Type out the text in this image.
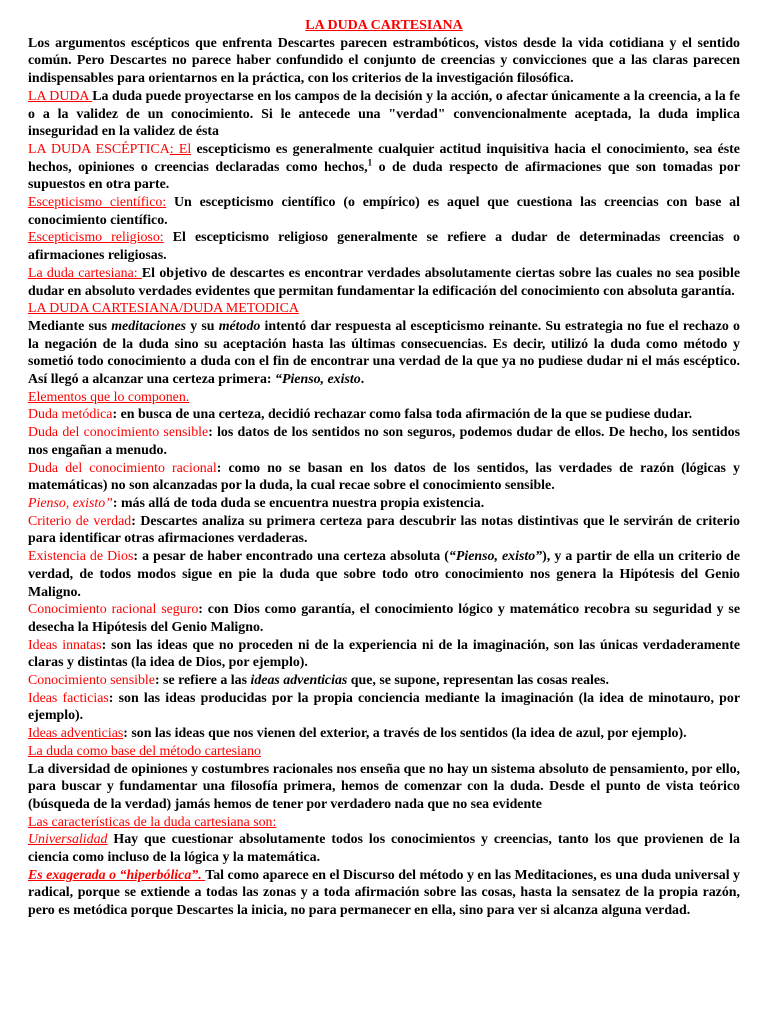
LA DUDA CARTESIANA

Los argumentos escépticos que enfrenta Descartes parecen estrambóticos, vistos desde la vida cotidiana y el sentido común. Pero Descartes no parece haber confundido el conjunto de creencias y convicciones que a las claras parecen indispensables para orientarnos en la práctica, con los criterios de la investigación filosófica.

LA DUDA La duda puede proyectarse en los campos de la decisión y la acción, o afectar únicamente a la creencia, a la fe o a la validez de un conocimiento. Si le antecede una "verdad" convencionalmente aceptada, la duda implica inseguridad en la validez de ésta

LA DUDA ESCÉPTICA: El escepticismo es generalmente cualquier actitud inquisitiva hacia el conocimiento, sea éste hechos, opiniones o creencias declaradas como hechos,$^1$ o de duda respecto de afirmaciones que son tomadas por supuestos en otra parte.

Escepticismo científico: Un escepticismo científico (o empírico) es aquel que cuestiona las creencias con base al conocimiento científico.

Escepticismo religioso: El escepticismo religioso generalmente se refiere a dudar de determinadas creencias o afirmaciones religiosas.

La duda cartesiana: El objetivo de descartes es encontrar verdades absolutamente ciertas sobre las cuales no sea posible dudar en absoluto verdades evidentes que permitan fundamentar la edificación del conocimiento con absoluta garantía.

LA DUDA CARTESIANA/DUDA METODICA

Mediante sus meditaciones y su método intentó dar respuesta al escepticismo reinante. Su estrategia no fue el rechazo o la negación de la duda sino su aceptación hasta las últimas consecuencias. Es decir, utilizó la duda como método y sometió todo conocimiento a duda con el fin de encontrar una verdad de la que ya no pudiese dudar ni el más escéptico. Así llegó a alcanzar una certeza primera: “Pienso, existo.

Elementos que lo componen.

Duda metódica: en busca de una certeza, decidió rechazar como falsa toda afirmación de la que se pudiese dudar.

Duda del conocimiento sensible: los datos de los sentidos no son seguros, podemos dudar de ellos. De hecho, los sentidos nos engañan a menudo.

Duda del conocimiento racional: como no se basan en los datos de los sentidos, las verdades de razón (lógicas y matemáticas) no son alcanzadas por la duda, la cual recae sobre el conocimiento sensible.

Pienso, existo”: más allá de toda duda se encuentra nuestra propia existencia.

Criterio de verdad: Descartes analiza su primera certeza para descubrir las notas distintivas que le servirán de criterio para identificar otras afirmaciones verdaderas.

Existencia de Dios: a pesar de haber encontrado una certeza absoluta (“Pienso, existo”), y a partir de ella un criterio de verdad, de todos modos sigue en pie la duda que sobre todo otro conocimiento nos genera la Hipótesis del Genio Maligno.

Conocimiento racional seguro: con Dios como garantía, el conocimiento lógico y matemático recobra su seguridad y se desecha la Hipótesis del Genio Maligno.

Ideas innatas: son las ideas que no proceden ni de la experiencia ni de la imaginación, son las únicas verdaderamente claras y distintas (la idea de Dios, por ejemplo).

Conocimiento sensible: se refiere a las ideas adventicias que, se supone, representan las cosas reales.

Ideas facticias: son las ideas producidas por la propia conciencia mediante la imaginación (la idea de minotauro, por ejemplo).

Ideas adventicias: son las ideas que nos vienen del exterior, a través de los sentidos (la idea de azul, por ejemplo).

La duda como base del método cartesiano

La diversidad de opiniones y costumbres racionales nos enseña que no hay un sistema absoluto de pensamiento, por ello, para buscar y fundamentar una filosofía primera, hemos de comenzar con la duda. Desde el punto de vista teórico (búsqueda de la verdad) jamás hemos de tener por verdadero nada que no sea evidente

Las características de la duda cartesiana son:

Universalidad Hay que cuestionar absolutamente todos los conocimientos y creencias, tanto los que provienen de la ciencia como incluso de la lógica y la matemática.

Es exagerada o “hiperbólica”. Tal como aparece en el Discurso del método y en las Meditaciones, es una duda universal y radical, porque se extiende a todas las zonas y a toda afirmación sobre las cosas, hasta la sensatez de la propia razón, pero es metódica porque Descartes la inicia, no para permanecer en ella, sino para ver si alcanza alguna verdad.
